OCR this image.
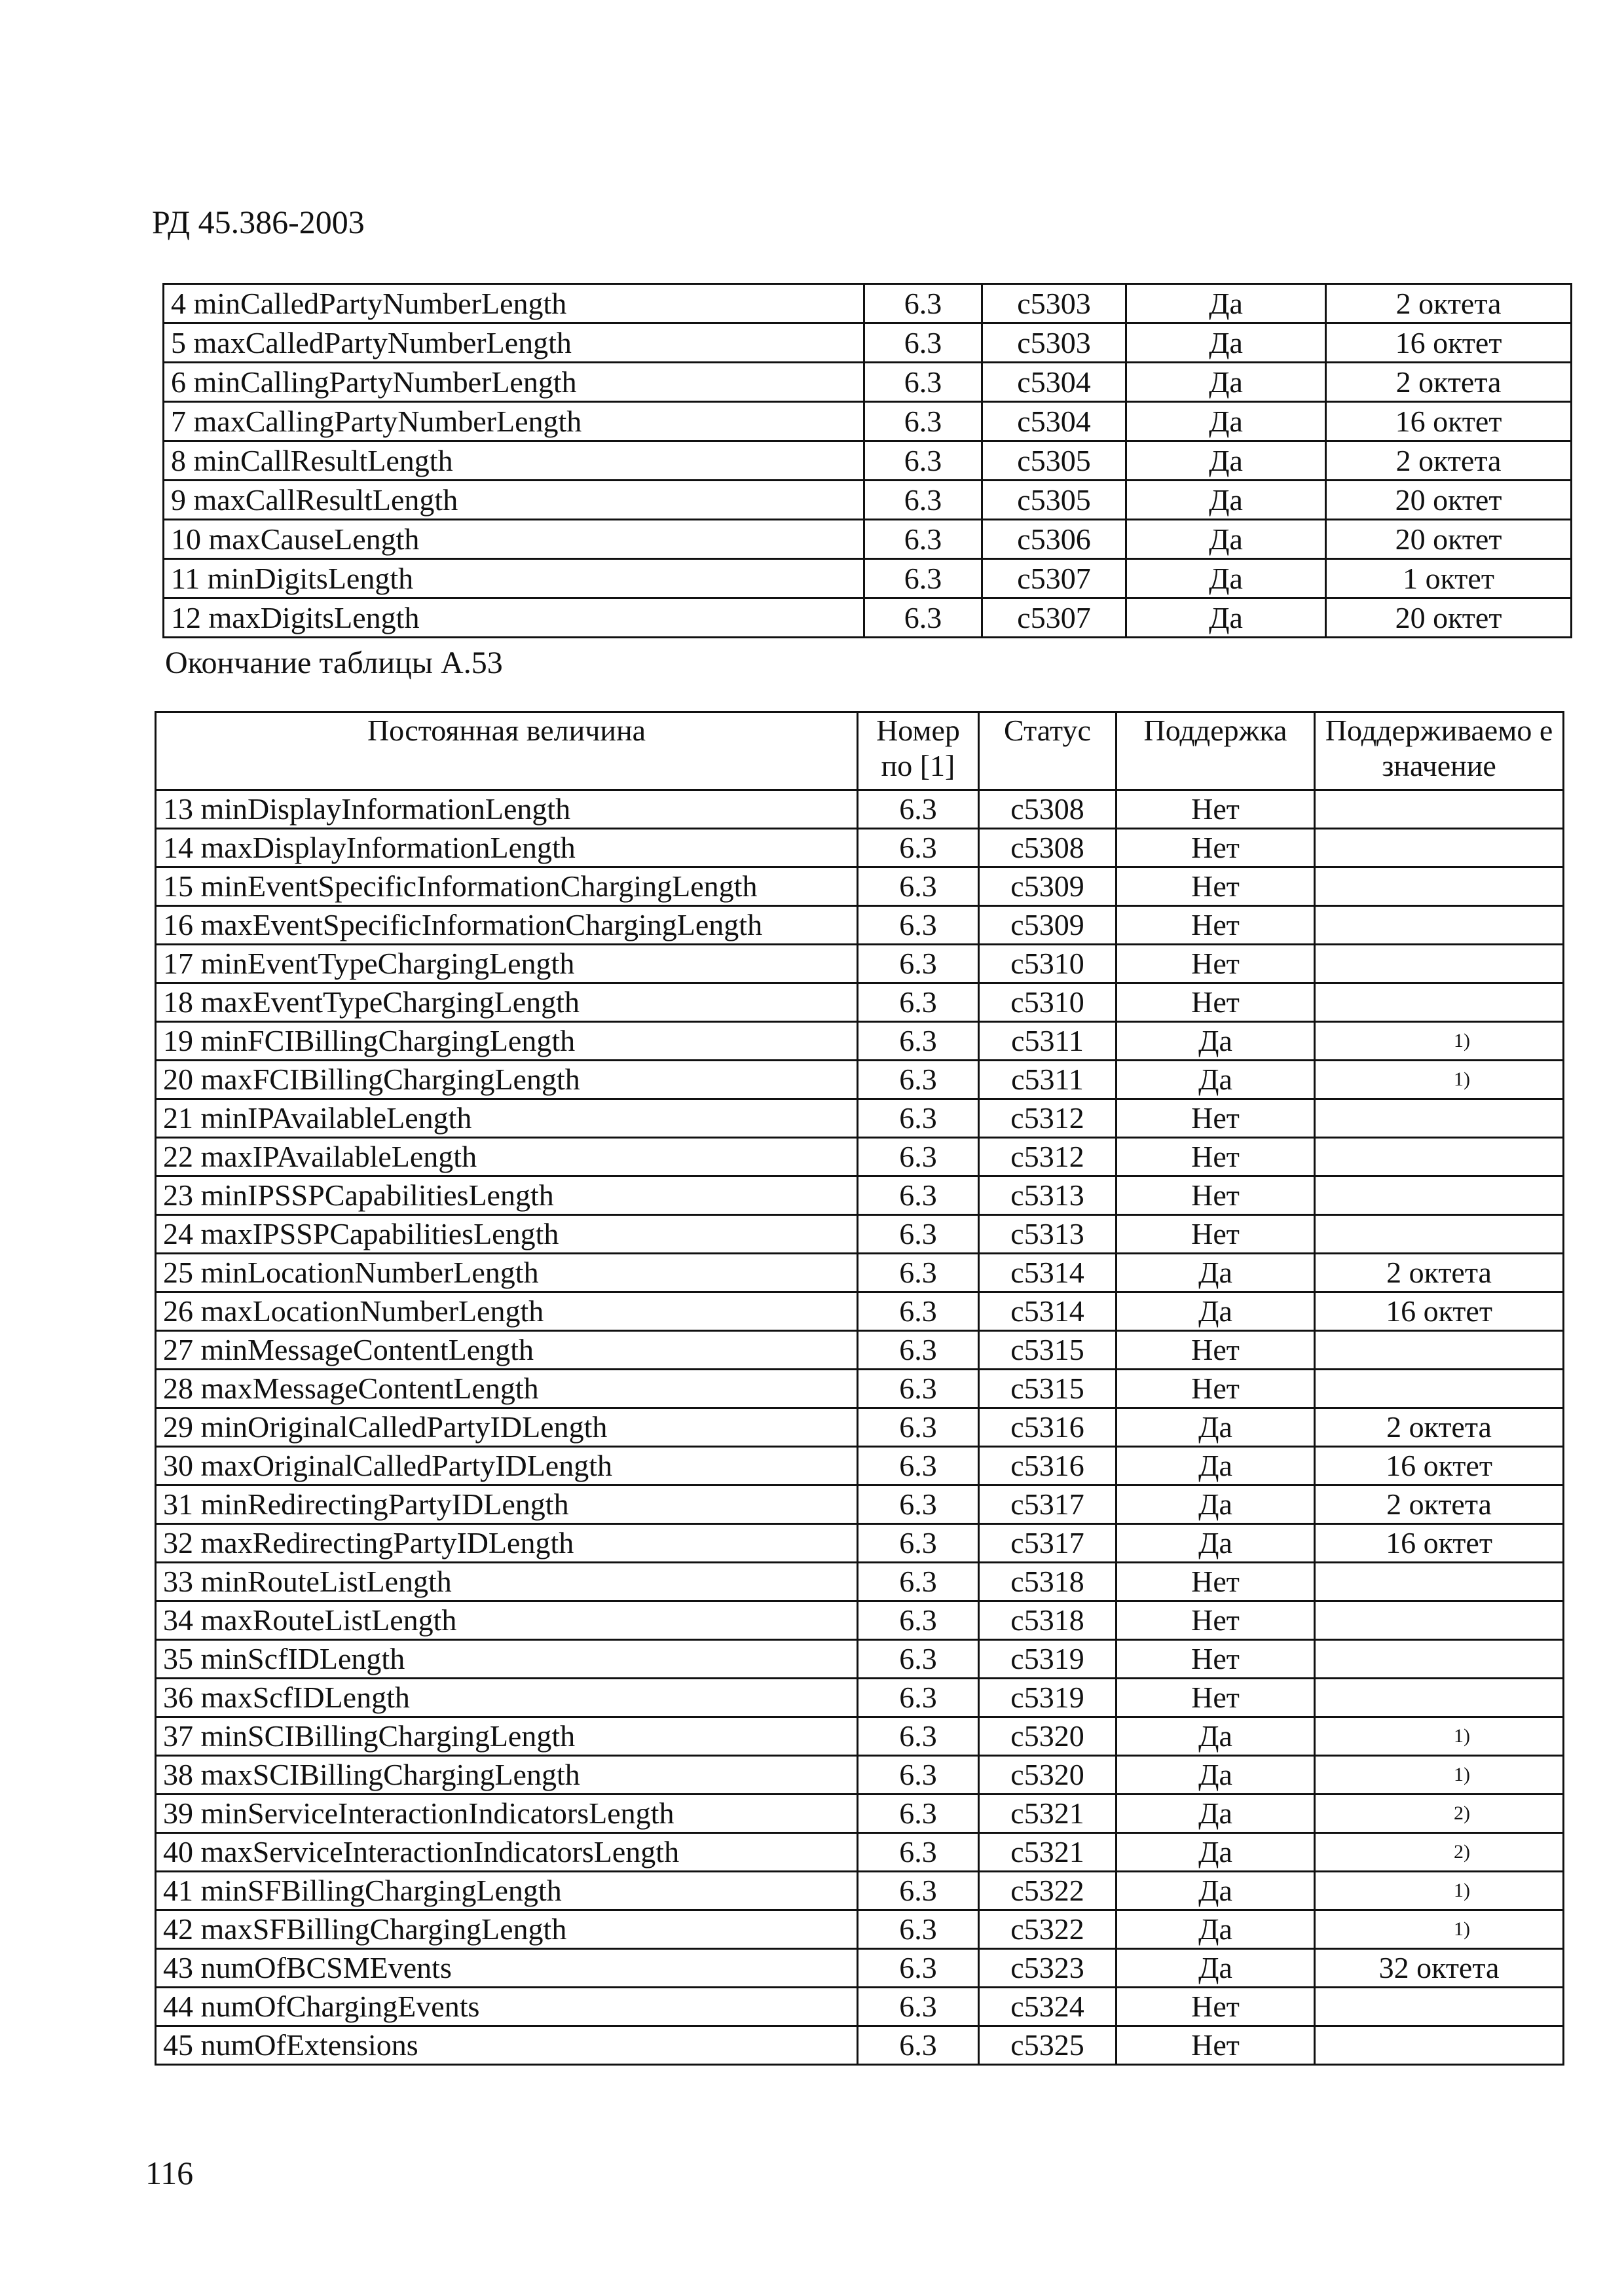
РД 45.386-2003
4 minCalledPartyNumberLength	6.3	c5303	Да	2 октета
5 maxCalledPartyNumberLength	6.3	c5303	Да	16 октет
6 minCallingPartyNumberLength	6.3	c5304	Да	2 октета
7 maxCallingPartyNumberLength	6.3	c5304	Да	16 октет
8 minCallResultLength	6.3	c5305	Да	2 октета
9 maxCallResultLength	6.3	c5305	Да	20 октет
10 maxCauseLength	6.3	c5306	Да	20 октет
11 minDigitsLength	6.3	c5307	Да	1 октет
12 maxDigitsLength	6.3	c5307	Да	20 октет
Окончание таблицы А.53
Постоянная величина	Номер по [1]	Статус	Поддержка	Поддерживаемо е значение
13 minDisplayInformationLength	6.3	c5308	Нет	
14 maxDisplayInformationLength	6.3	c5308	Нет	
15 minEventSpecificInformationChargingLength	6.3	c5309	Нет	
16 maxEventSpecificInformationChargingLength	6.3	c5309	Нет	
17 minEventTypeChargingLength	6.3	c5310	Нет	
18 maxEventTypeChargingLength	6.3	c5310	Нет	
19 minFCIBillingChargingLength	6.3	c5311	Да	1)
20 maxFCIBillingChargingLength	6.3	c5311	Да	1)
21 minIPAvailableLength	6.3	c5312	Нет	
22 maxIPAvailableLength	6.3	c5312	Нет	
23 minIPSSPCapabilitiesLength	6.3	c5313	Нет	
24 maxIPSSPCapabilitiesLength	6.3	c5313	Нет	
25 minLocationNumberLength	6.3	c5314	Да	2 октета
26 maxLocationNumberLength	6.3	c5314	Да	16 октет
27 minMessageContentLength	6.3	c5315	Нет	
28 maxMessageContentLength	6.3	c5315	Нет	
29 minOriginalCalledPartyIDLength	6.3	c5316	Да	2 октета
30 maxOriginalCalledPartyIDLength	6.3	c5316	Да	16 октет
31 minRedirectingPartyIDLength	6.3	c5317	Да	2 октета
32 maxRedirectingPartyIDLength	6.3	c5317	Да	16 октет
33 minRouteListLength	6.3	c5318	Нет	
34 maxRouteListLength	6.3	c5318	Нет	
35 minScfIDLength	6.3	c5319	Нет	
36 maxScfIDLength	6.3	c5319	Нет	
37 minSCIBillingChargingLength	6.3	c5320	Да	1)
38 maxSCIBillingChargingLength	6.3	c5320	Да	1)
39 minServiceInteractionIndicatorsLength	6.3	c5321	Да	2)
40 maxServiceInteractionIndicatorsLength	6.3	c5321	Да	2)
41 minSFBillingChargingLength	6.3	c5322	Да	1)
42 maxSFBillingChargingLength	6.3	c5322	Да	1)
43 numOfBCSMEvents	6.3	c5323	Да	32 октета
44 numOfChargingEvents	6.3	c5324	Нет	
45 numOfExtensions	6.3	c5325	Нет	
116
